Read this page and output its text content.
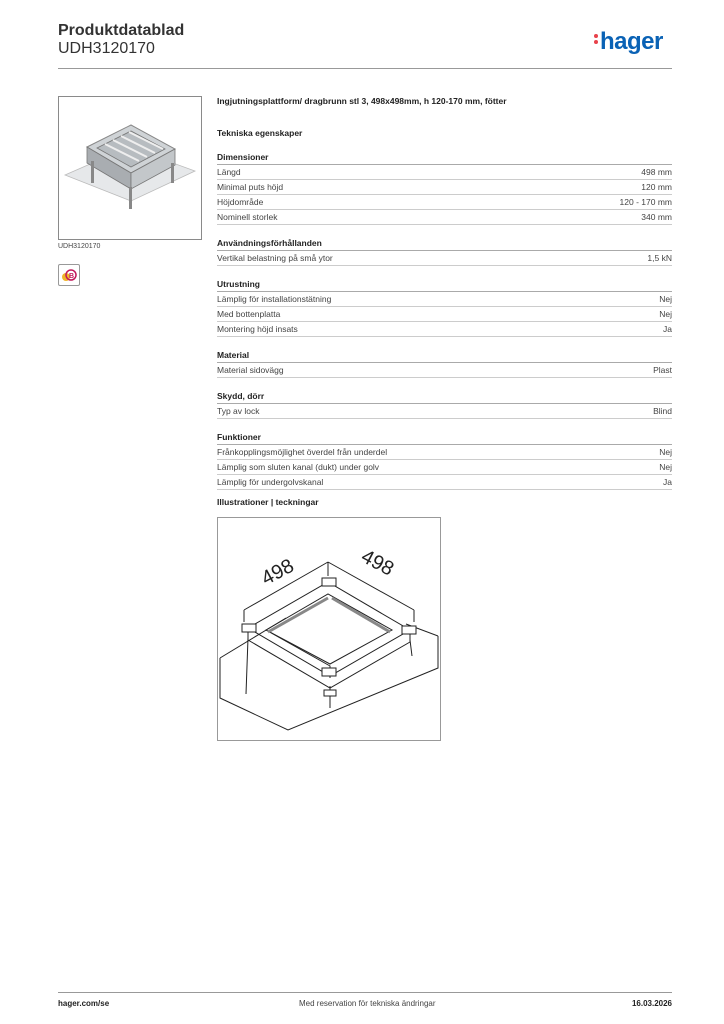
Produktdatablad
UDH3120170	hager
UDH3120170
B
Ingjutningsplattform/ dragbrunn stl 3, 498x498mm, h 120-170 mm, fötter
Tekniska egenskaper
Dimensioner
Längd	498 mm
Minimal puts höjd	120 mm
Höjdområde	120 - 170 mm
Nominell storlek	340 mm
Användningsförhållanden
Vertikal belastning på små ytor	1,5 kN
Utrustning
Lämplig för installationstätning	Nej
Med bottenplatta	Nej
Montering höjd insats	Ja
Material
Material sidovägg	Plast
Skydd, dörr
Typ av lock	Blind
Funktioner
Frånkopplingsmöjlighet överdel från underdel	Nej
Lämplig som sluten kanal (dukt) under golv	Nej
Lämplig för undergolvskanal	Ja
Illustrationer | teckningar
498	498
hager.com/se	Med reservation för tekniska ändringar	16.03.2026
